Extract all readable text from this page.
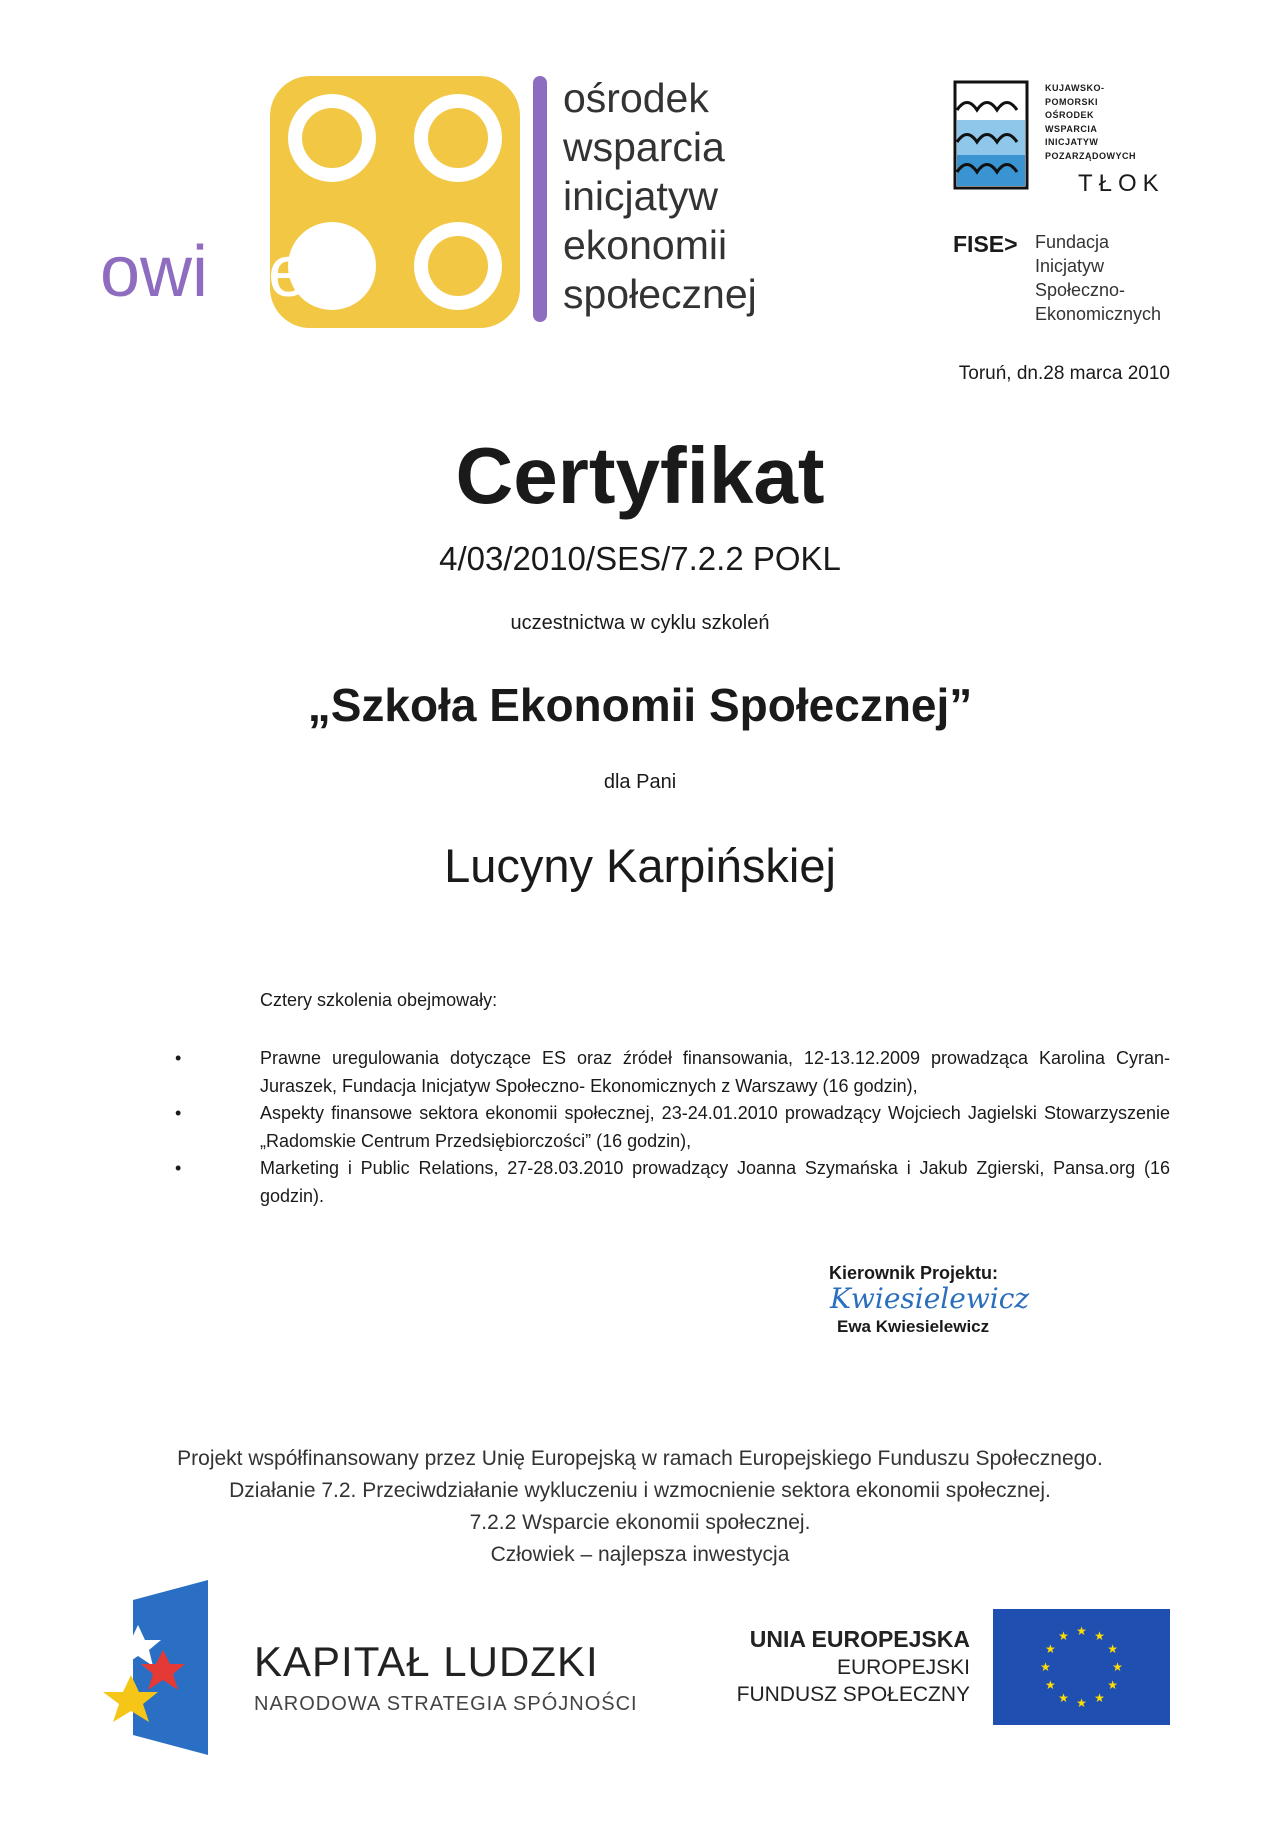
owi es
ośrodek
wsparcia
inicjatyw
ekonomii
społecznej
KUJAWSKO-
POMORSKI
OŚRODEK
WSPARCIA
INICJATYW
POZARZĄDOWYCH
TŁOK
FISE> Fundacja
Inicjatyw
Społeczno-
Ekonomicznych
Toruń, dn.28 marca 2010
Certyfikat
4/03/2010/SES/7.2.2 POKL
uczestnictwa w cyklu szkoleń
„Szkoła Ekonomii Społecznej”
dla Pani
Lucyny Karpińskiej
Cztery szkolenia obejmowały:
•	Prawne uregulowania dotyczące ES oraz źródeł finansowania, 12-13.12.2009 prowadząca Karolina Cyran- Juraszek, Fundacja Inicjatyw Społeczno- Ekonomicznych z Warszawy (16 godzin),
•	Aspekty finansowe sektora ekonomii społecznej, 23-24.01.2010 prowadzący Wojciech Jagielski Stowarzyszenie „Radomskie Centrum Przedsiębiorczości” (16 godzin),
•	Marketing i Public Relations, 27-28.03.2010 prowadzący Joanna Szymańska i Jakub Zgierski, Pansa.org (16 godzin).
Kierownik Projektu:
Kwiesielewicz
Ewa Kwiesielewicz
Projekt współfinansowany przez Unię Europejską w ramach Europejskiego Funduszu Społecznego.
Działanie 7.2. Przeciwdziałanie wykluczeniu i wzmocnienie sektora ekonomii społecznej.
7.2.2 Wsparcie ekonomii społecznej.
Człowiek – najlepsza inwestycja
KAPITAŁ LUDZKI
NARODOWA STRATEGIA SPÓJNOŚCI
UNIA EUROPEJSKA
EUROPEJSKI
FUNDUSZ SPOŁECZNY
★
★
★
★
★
★
★
★
★ ★ ★
★
